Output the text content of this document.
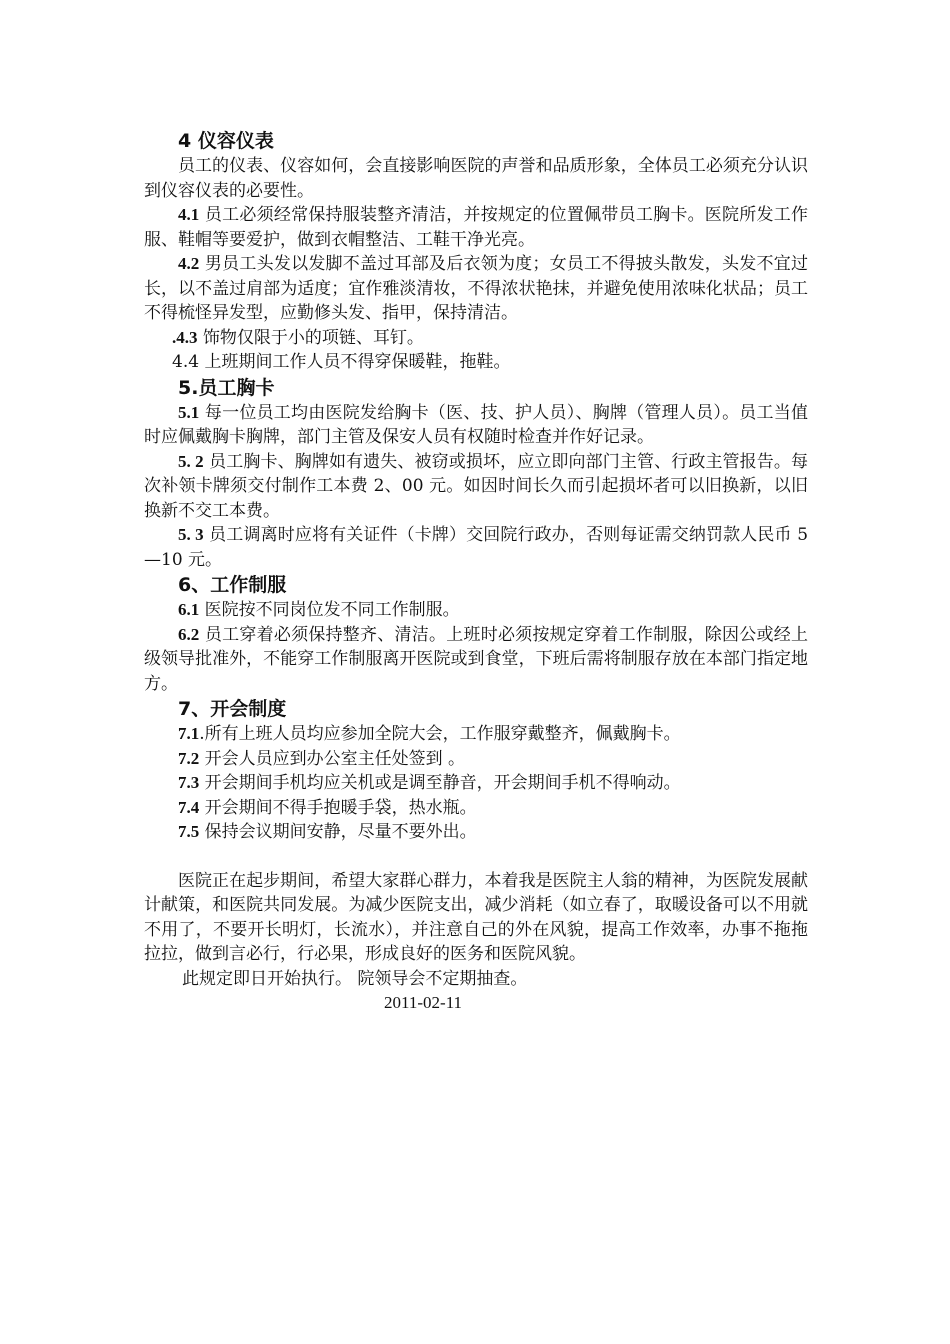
4 仪容仪表

员工的仪表、仪容如何，会直接影响医院的声誉和品质形象，全体员工必须充分认识到仪容仪表的必要性。

4.1 员工必须经常保持服装整齐清洁，并按规定的位置佩带员工胸卡。医院所发工作服、鞋帽等要爱护，做到衣帽整洁、工鞋干净光亮。

4.2 男员工头发以发脚不盖过耳部及后衣领为度；女员工不得披头散发，头发不宜过长，以不盖过肩部为适度；宜作雅淡清妆，不得浓状艳抹，并避免使用浓味化状品；员工不得梳怪异发型，应勤修头发、指甲，保持清洁。

.4.3 饰物仅限于小的项链、耳钉。

4.4 上班期间工作人员不得穿保暖鞋，拖鞋。

5.员工胸卡

5.1 每一位员工均由医院发给胸卡（医、技、护人员）、胸牌（管理人员）。员工当值时应佩戴胸卡胸牌，部门主管及保安人员有权随时检查并作好记录。

5. 2 员工胸卡、胸牌如有遗失、被窃或损坏，应立即向部门主管、行政主管报告。每次补领卡牌须交付制作工本费 2、00 元。如因时间长久而引起损坏者可以旧换新，以旧换新不交工本费。

5. 3 员工调离时应将有关证件（卡牌）交回院行政办，否则每证需交纳罚款人民币 5—10 元。

6、工作制服

6.1 医院按不同岗位发不同工作制服。

6.2 员工穿着必须保持整齐、清洁。上班时必须按规定穿着工作制服，除因公或经上级领导批准外，不能穿工作制服离开医院或到食堂，下班后需将制服存放在本部门指定地方。

7、开会制度

7.1.所有上班人员均应参加全院大会，工作服穿戴整齐，佩戴胸卡。

7.2 开会人员应到办公室主任处签到 。

7.3 开会期间手机均应关机或是调至静音，开会期间手机不得响动。

7.4 开会期间不得手抱暖手袋，热水瓶。

7.5 保持会议期间安静，尽量不要外出。

医院正在起步期间，希望大家群心群力，本着我是医院主人翁的精神，为医院发展献计献策，和医院共同发展。为减少医院支出，减少消耗（如立春了，取暖设备可以不用就不用了，不要开长明灯，长流水），并注意自己的外在风貌，提高工作效率，办事不拖拖拉拉，做到言必行，行必果，形成良好的医务和医院风貌。

此规定即日开始执行。 院领导会不定期抽查。

2011-02-11
